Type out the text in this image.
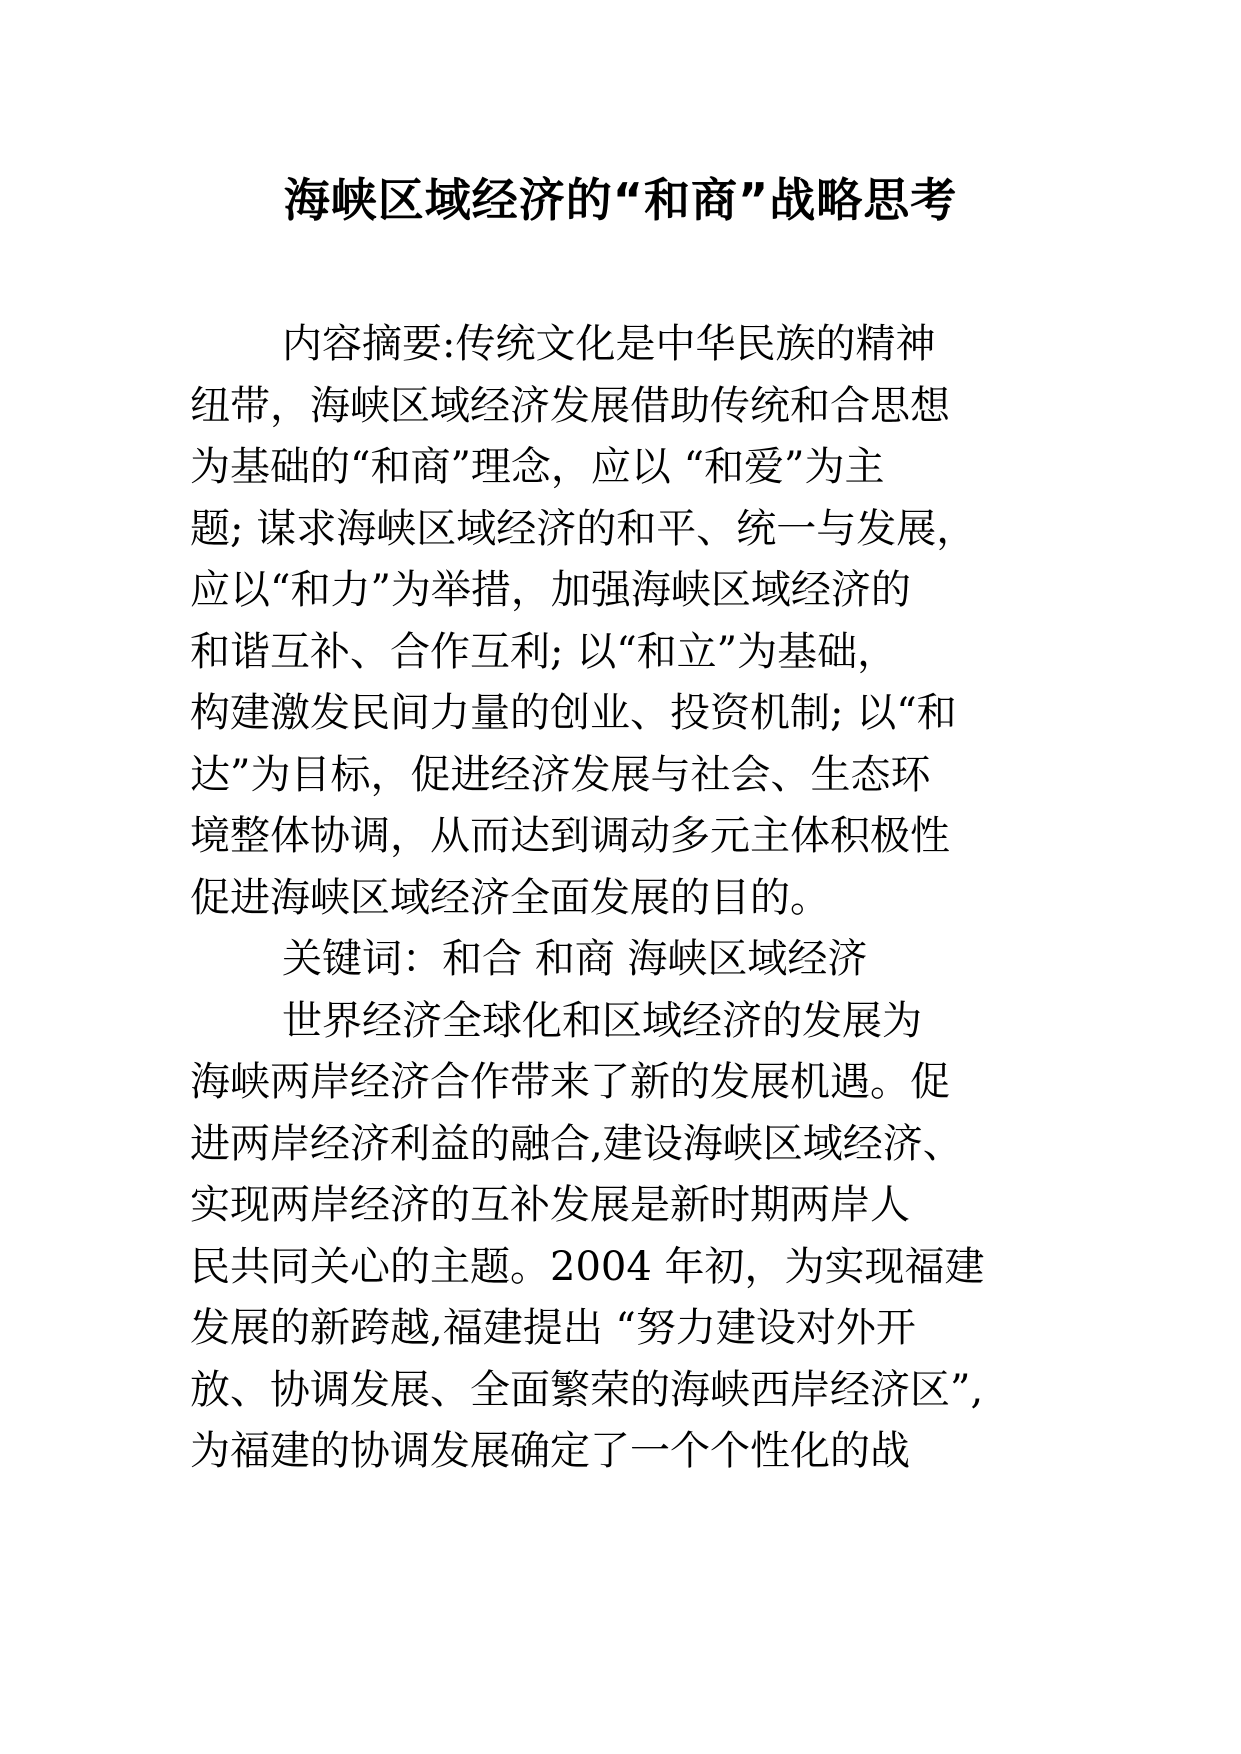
海峡区域经济的“和商”战略思考
内容摘要:传统文化是中华民族的精神
纽带，海峡区域经济发展借助传统和合思想
为基础的“和商”理念，应以 “和爱”为主
题; 谋求海峡区域经济的和平、统一与发展，
应以“和力”为举措，加强海峡区域经济的
和谐互补、合作互利; 以“和立”为基础，
构建激发民间力量的创业、投资机制; 以“和
达”为目标，促进经济发展与社会、生态环
境整体协调，从而达到调动多元主体积极性
促进海峡区域经济全面发展的目的。
关键词：和合 和商 海峡区域经济
世界经济全球化和区域经济的发展为
海峡两岸经济合作带来了新的发展机遇。促
进两岸经济利益的融合,建设海峡区域经济、
实现两岸经济的互补发展是新时期两岸人
民共同关心的主题。2004 年初，为实现福建
发展的新跨越,福建提出 “努力建设对外开
放、协调发展、全面繁荣的海峡西岸经济区”,
为福建的协调发展确定了一个个性化的战
